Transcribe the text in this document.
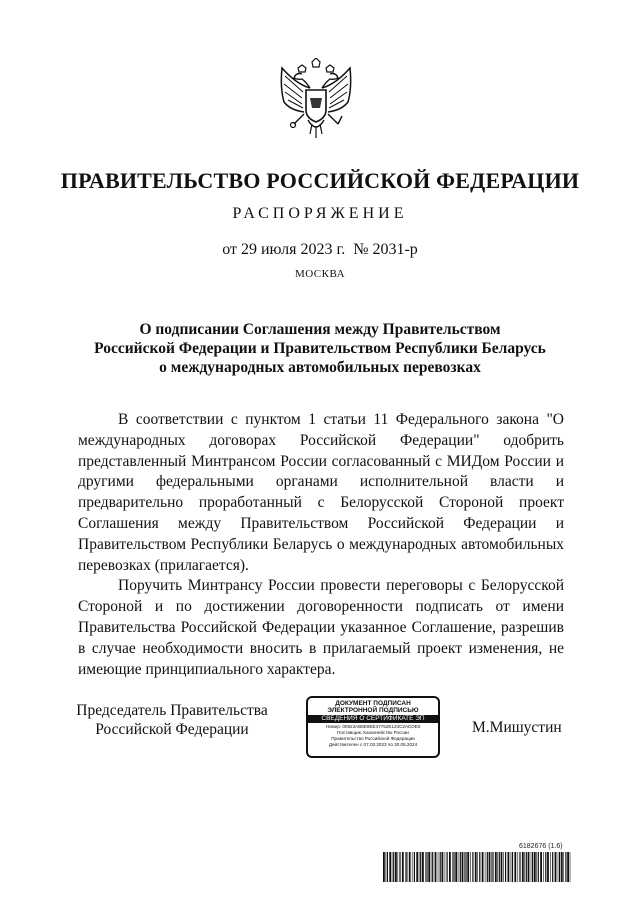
ПРАВИТЕЛЬСТВО РОССИЙСКОЙ ФЕДЕРАЦИИ
РАСПОРЯЖЕНИЕ
от 29 июля 2023 г. № 2031-р
МОСКВА
О подписании Соглашения между Правительством
Российской Федерации и Правительством Республики Беларусь
о международных автомобильных перевозках

В соответствии с пунктом 1 статьи 11 Федерального закона "О международных договорах Российской Федерации" одобрить представленный Минтрансом России согласованный с МИДом России и другими федеральными органами исполнительной власти и предварительно проработанный с Белорусской Стороной проект Соглашения между Правительством Российской Федерации и Правительством Республики Беларусь о международных автомобильных перевозках (прилагается).

Поручить Минтрансу России провести переговоры с Белорусской Стороной и по достижении договоренности подписать от имени Правительства Российской Федерации указанное Соглашение, разрешив в случае необходимости вносить в прилагаемый проект изменения, не имеющие принципиального характера.

Председатель Правительства
Российской Федерации
ДОКУМЕНТ ПОДПИСАН
ЭЛЕКТРОННОЙ ПОДПИСЬЮ
СВЕДЕНИЯ О СЕРТИФИКАТЕ ЭП
Номер: 00923АВ6Е9ЕЕ47752Е123С2АСОЕ0
Поставщик: Казначейство России
Правительство Российской Федерации
Действителен с 07.03.2023 по 30.05.2024
М.Мишустин
6182676 (1.6)
